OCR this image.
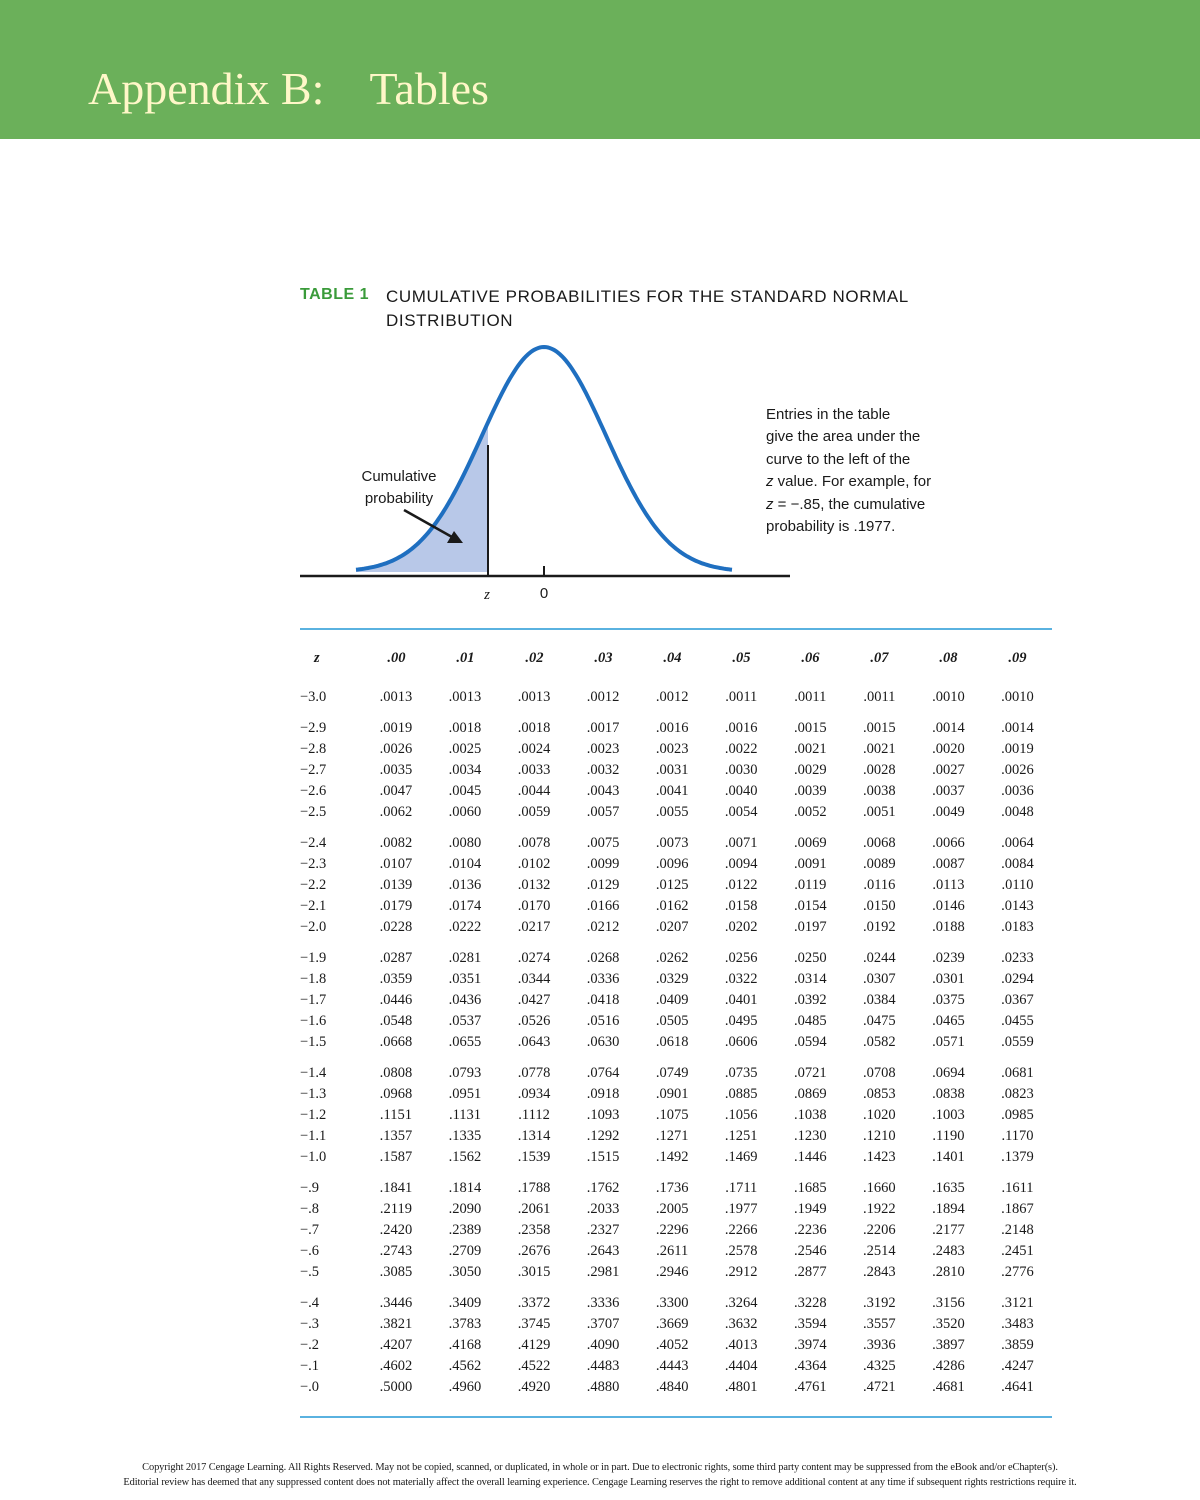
Appendix B:    Tables
TABLE 1 CUMULATIVE PROBABILITIES FOR THE STANDARD NORMAL DISTRIBUTION
Cumulative
probability
z	0
Entries in the table
give the area under the
curve to the left of the
z value. For example, for
z = −.85, the cumulative
probability is .1977.
z	.00	.01	.02	.03	.04	.05	.06	.07	.08	.09
−3.0	.0013	.0013	.0013	.0012	.0012	.0011	.0011	.0011	.0010	.0010
−2.9	.0019	.0018	.0018	.0017	.0016	.0016	.0015	.0015	.0014	.0014
−2.8	.0026	.0025	.0024	.0023	.0023	.0022	.0021	.0021	.0020	.0019
−2.7	.0035	.0034	.0033	.0032	.0031	.0030	.0029	.0028	.0027	.0026
−2.6	.0047	.0045	.0044	.0043	.0041	.0040	.0039	.0038	.0037	.0036
−2.5	.0062	.0060	.0059	.0057	.0055	.0054	.0052	.0051	.0049	.0048
−2.4	.0082	.0080	.0078	.0075	.0073	.0071	.0069	.0068	.0066	.0064
−2.3	.0107	.0104	.0102	.0099	.0096	.0094	.0091	.0089	.0087	.0084
−2.2	.0139	.0136	.0132	.0129	.0125	.0122	.0119	.0116	.0113	.0110
−2.1	.0179	.0174	.0170	.0166	.0162	.0158	.0154	.0150	.0146	.0143
−2.0	.0228	.0222	.0217	.0212	.0207	.0202	.0197	.0192	.0188	.0183
−1.9	.0287	.0281	.0274	.0268	.0262	.0256	.0250	.0244	.0239	.0233
−1.8	.0359	.0351	.0344	.0336	.0329	.0322	.0314	.0307	.0301	.0294
−1.7	.0446	.0436	.0427	.0418	.0409	.0401	.0392	.0384	.0375	.0367
−1.6	.0548	.0537	.0526	.0516	.0505	.0495	.0485	.0475	.0465	.0455
−1.5	.0668	.0655	.0643	.0630	.0618	.0606	.0594	.0582	.0571	.0559
−1.4	.0808	.0793	.0778	.0764	.0749	.0735	.0721	.0708	.0694	.0681
−1.3	.0968	.0951	.0934	.0918	.0901	.0885	.0869	.0853	.0838	.0823
−1.2	.1151	.1131	.1112	.1093	.1075	.1056	.1038	.1020	.1003	.0985
−1.1	.1357	.1335	.1314	.1292	.1271	.1251	.1230	.1210	.1190	.1170
−1.0	.1587	.1562	.1539	.1515	.1492	.1469	.1446	.1423	.1401	.1379
−.9	.1841	.1814	.1788	.1762	.1736	.1711	.1685	.1660	.1635	.1611
−.8	.2119	.2090	.2061	.2033	.2005	.1977	.1949	.1922	.1894	.1867
−.7	.2420	.2389	.2358	.2327	.2296	.2266	.2236	.2206	.2177	.2148
−.6	.2743	.2709	.2676	.2643	.2611	.2578	.2546	.2514	.2483	.2451
−.5	.3085	.3050	.3015	.2981	.2946	.2912	.2877	.2843	.2810	.2776
−.4	.3446	.3409	.3372	.3336	.3300	.3264	.3228	.3192	.3156	.3121
−.3	.3821	.3783	.3745	.3707	.3669	.3632	.3594	.3557	.3520	.3483
−.2	.4207	.4168	.4129	.4090	.4052	.4013	.3974	.3936	.3897	.3859
−.1	.4602	.4562	.4522	.4483	.4443	.4404	.4364	.4325	.4286	.4247
−.0	.5000	.4960	.4920	.4880	.4840	.4801	.4761	.4721	.4681	.4641
Copyright 2017 Cengage Learning. All Rights Reserved. May not be copied, scanned, or duplicated, in whole or in part. Due to electronic rights, some third party content may be suppressed from the eBook and/or eChapter(s).
Editorial review has deemed that any suppressed content does not materially affect the overall learning experience. Cengage Learning reserves the right to remove additional content at any time if subsequent rights restrictions require it.
